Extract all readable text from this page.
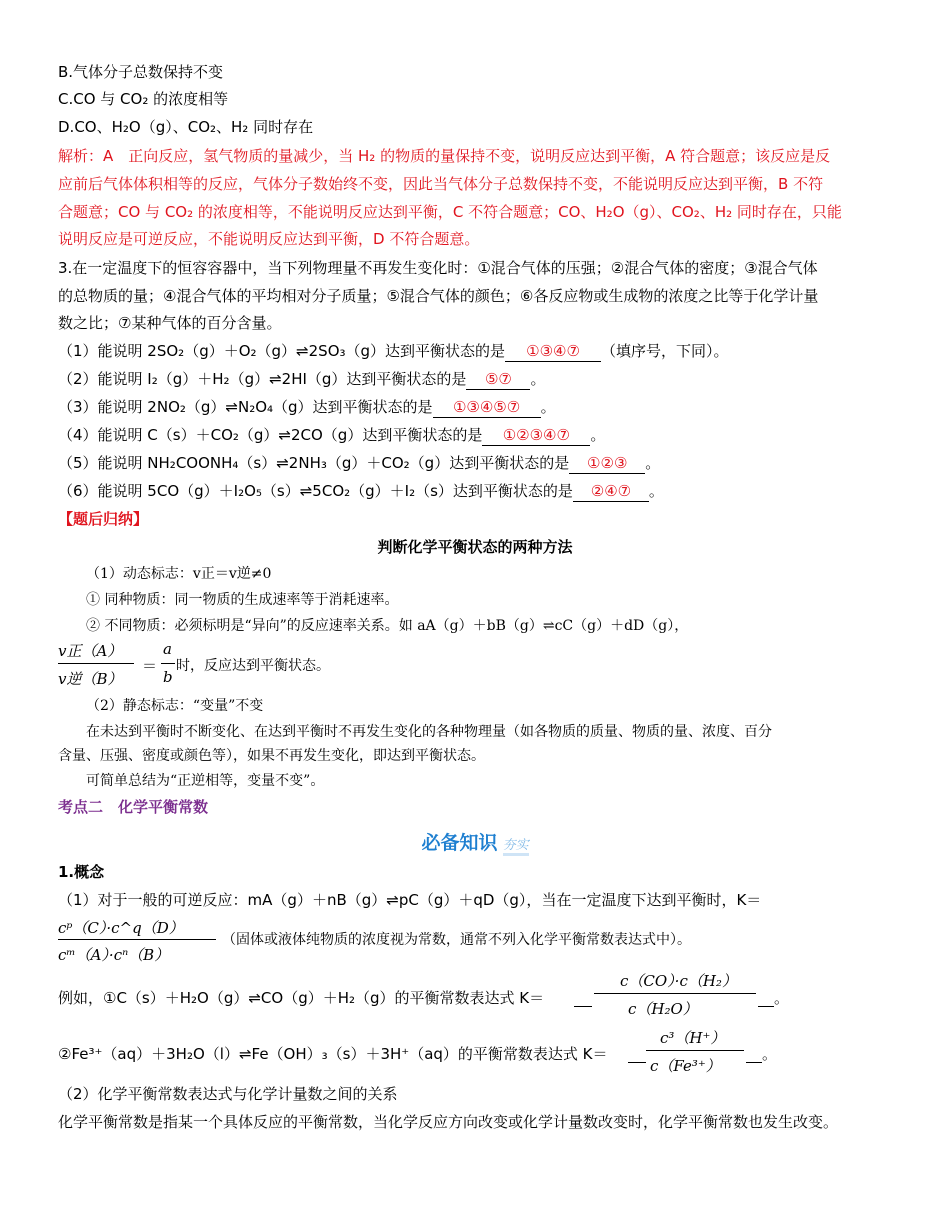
B.气体分子总数保持不变
C.CO 与 CO₂ 的浓度相等
D.CO、H₂O（g）、CO₂、H₂ 同时存在
解析：A　正向反应，氢气物质的量减少，当 H₂ 的物质的量保持不变，说明反应达到平衡，A 符合题意；该反应是反
应前后气体体积相等的反应，气体分子数始终不变，因此当气体分子总数保持不变，不能说明反应达到平衡，B 不符
合题意；CO 与 CO₂ 的浓度相等，不能说明反应达到平衡，C 不符合题意；CO、H₂O（g）、CO₂、H₂ 同时存在，只能
说明反应是可逆反应，不能说明反应达到平衡，D 不符合题意。
3.在一定温度下的恒容容器中，当下列物理量不再发生变化时：①混合气体的压强；②混合气体的密度；③混合气体
的总物质的量；④混合气体的平均相对分子质量；⑤混合气体的颜色；⑥各反应物或生成物的浓度之比等于化学计量
数之比；⑦某种气体的百分含量。
（1）能说明 2SO₂（g）＋O₂（g）⇌2SO₃（g）达到平衡状态的是 ①③④⑦ （填序号，下同）。
（2）能说明 I₂（g）＋H₂（g）⇌2HI（g）达到平衡状态的是 ⑤⑦ 。
（3）能说明 2NO₂（g）⇌N₂O₄（g）达到平衡状态的是 ①③④⑤⑦ 。
（4）能说明 C（s）＋CO₂（g）⇌2CO（g）达到平衡状态的是 ①②③④⑦ 。
（5）能说明 NH₂COONH₄（s）⇌2NH₃（g）＋CO₂（g）达到平衡状态的是 ①②③ 。
（6）能说明 5CO（g）＋I₂O₅（s）⇌5CO₂（g）＋I₂（s）达到平衡状态的是 ②④⑦ 。
【题后归纳】
判断化学平衡状态的两种方法
（1）动态标志：v正＝v逆≠0
① 同种物质：同一物质的生成速率等于消耗速率。
② 不同物质：必须标明是“异向”的反应速率关系。如 aA（g）＋bB（g）⇌cC（g）＋dD（g），
v正（A）
v逆（B）
＝
a
b
时，反应达到平衡状态。
（2）静态标志：“变量”不变
在未达到平衡时不断变化、在达到平衡时不再发生变化的各种物理量（如各物质的质量、物质的量、浓度、百分
含量、压强、密度或颜色等），如果不再发生变化，即达到平衡状态。
可简单总结为“正逆相等，变量不变”。
考点二　化学平衡常数
必备知识 夯实
1.概念
（1）对于一般的可逆反应：mA（g）＋nB（g）⇌pC（g）＋qD（g），当在一定温度下达到平衡时，K＝
cᵖ（C）·c^q（D）
cᵐ（A）·cⁿ（B）
（固体或液体纯物质的浓度视为常数，通常不列入化学平衡常数表达式中）。
例如，①C（s）＋H₂O（g）⇌CO（g）＋H₂（g）的平衡常数表达式 K＝
c（CO）·c（H₂）
c（H₂O）
。
②Fe³⁺（aq）＋3H₂O（l）⇌Fe（OH）₃（s）＋3H⁺（aq）的平衡常数表达式 K＝
c³（H⁺）
c（Fe³⁺）
。
（2）化学平衡常数表达式与化学计量数之间的关系
化学平衡常数是指某一个具体反应的平衡常数，当化学反应方向改变或化学计量数改变时，化学平衡常数也发生改变。
